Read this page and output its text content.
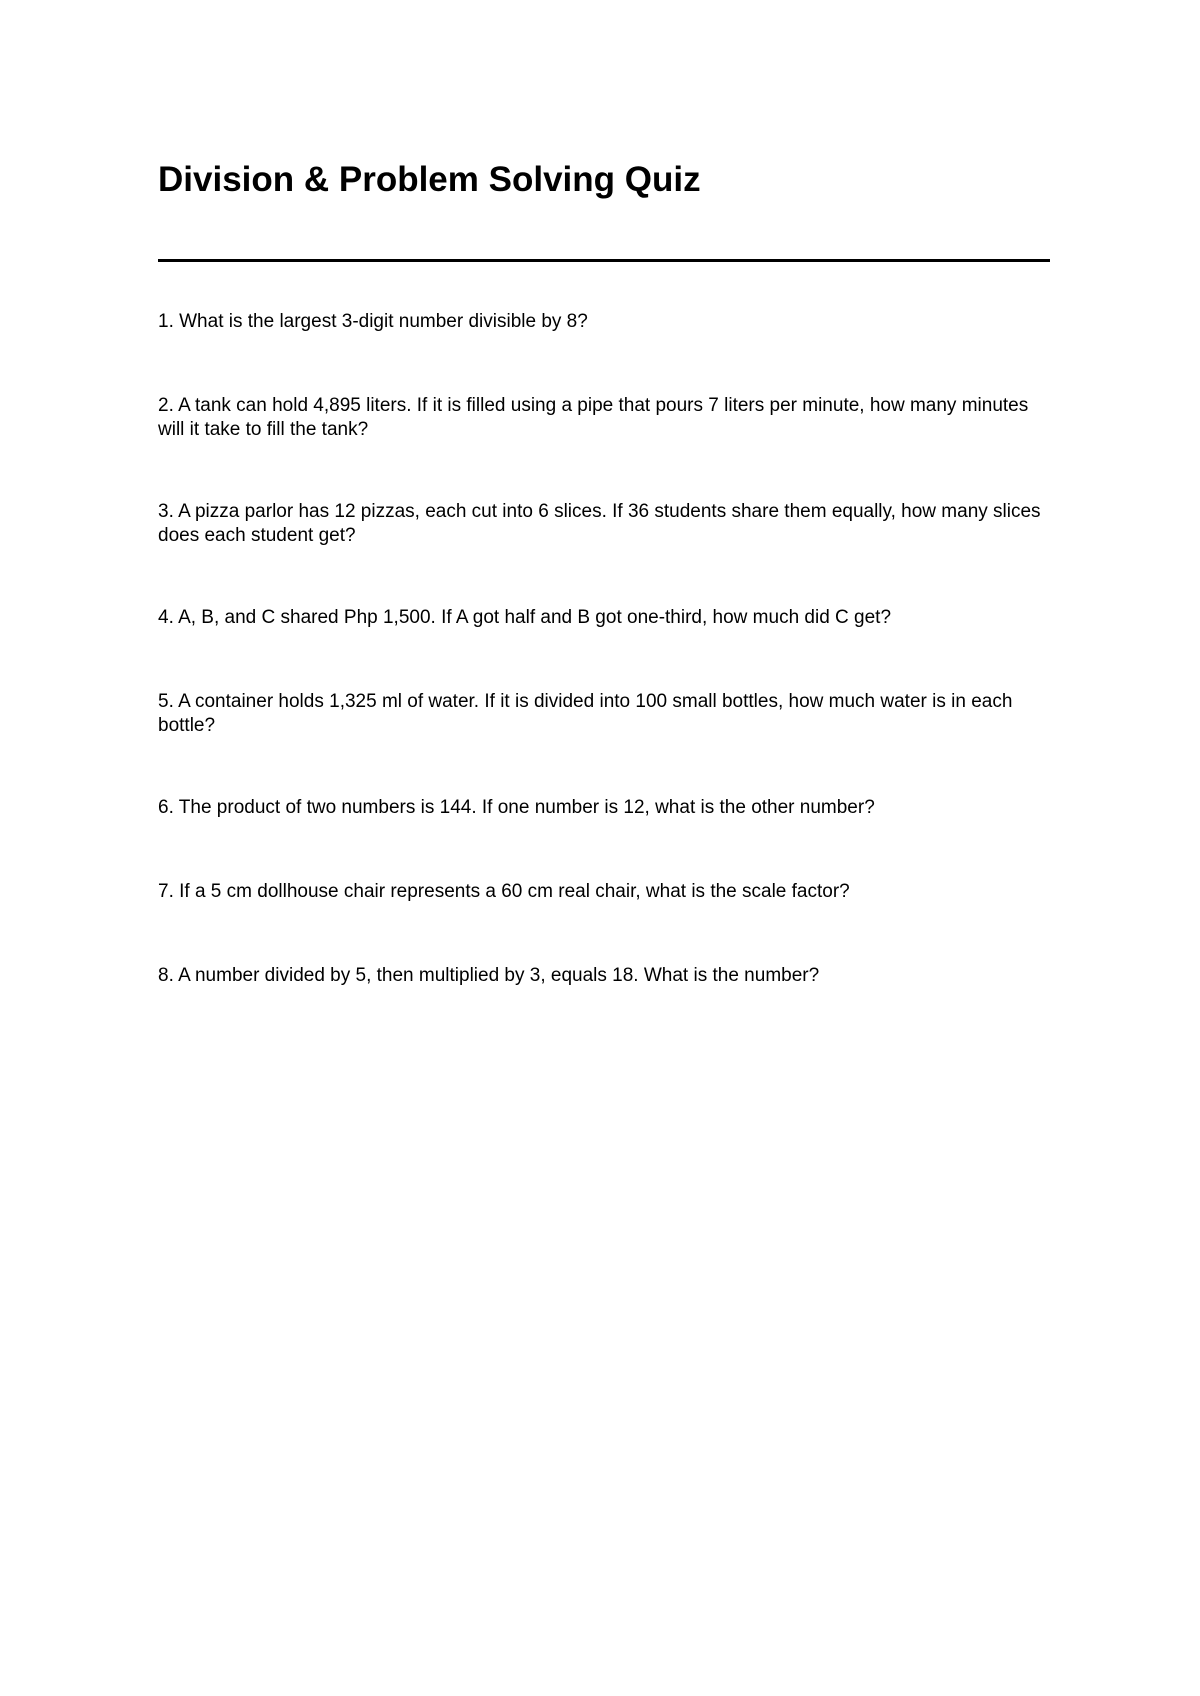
Division & Problem Solving Quiz
1. What is the largest 3-digit number divisible by 8?
2. A tank can hold 4,895 liters. If it is filled using a pipe that pours 7 liters per minute, how many minutes will it take to fill the tank?
3. A pizza parlor has 12 pizzas, each cut into 6 slices. If 36 students share them equally, how many slices does each student get?
4. A, B, and C shared Php 1,500. If A got half and B got one-third, how much did C get?
5. A container holds 1,325 ml of water. If it is divided into 100 small bottles, how much water is in each bottle?
6. The product of two numbers is 144. If one number is 12, what is the other number?
7. If a 5 cm dollhouse chair represents a 60 cm real chair, what is the scale factor?
8. A number divided by 5, then multiplied by 3, equals 18. What is the number?
